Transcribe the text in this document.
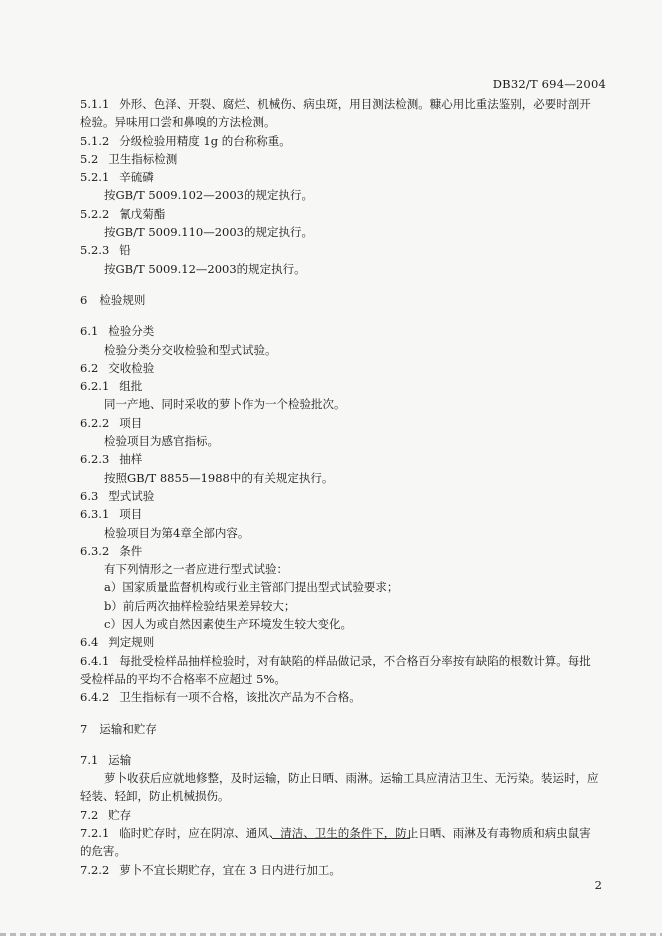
DB32/T 694—2004
5.1.1 外形、色泽、开裂、腐烂、机械伤、病虫斑，用目测法检测。糠心用比重法鉴别，必要时剖开
检验。异味用口尝和鼻嗅的方法检测。
5.1.2 分级检验用精度 1g 的台称称重。
5.2 卫生指标检测
5.2.1 辛硫磷
按GB/T 5009.102—2003的规定执行。
5.2.2 氰戊菊酯
按GB/T 5009.110—2003的规定执行。
5.2.3 铅
按GB/T 5009.12—2003的规定执行。
6 检验规则
6.1 检验分类
检验分类分交收检验和型式试验。
6.2 交收检验
6.2.1 组批
同一产地、同时采收的萝卜作为一个检验批次。
6.2.2 项目
检验项目为感官指标。
6.2.3 抽样
按照GB/T 8855—1988中的有关规定执行。
6.3 型式试验
6.3.1 项目
检验项目为第4章全部内容。
6.3.2 条件
有下列情形之一者应进行型式试验：
a）国家质量监督机构或行业主管部门提出型式试验要求；
b）前后两次抽样检验结果差异较大；
c）因人为或自然因素使生产环境发生较大变化。
6.4 判定规则
6.4.1 每批受检样品抽样检验时，对有缺陷的样品做记录，不合格百分率按有缺陷的根数计算。每批
受检样品的平均不合格率不应超过 5%。
6.4.2 卫生指标有一项不合格，该批次产品为不合格。
7 运输和贮存
7.1 运输
萝卜收获后应就地修整，及时运输，防止日晒、雨淋。运输工具应清洁卫生、无污染。装运时，应
轻装、轻卸，防止机械损伤。
7.2 贮存
7.2.1 临时贮存时，应在阴凉、通风、清洁、卫生的条件下，防止日晒、雨淋及有毒物质和病虫鼠害
的危害。
7.2.2 萝卜不宜长期贮存，宜在 3 日内进行加工。
2
